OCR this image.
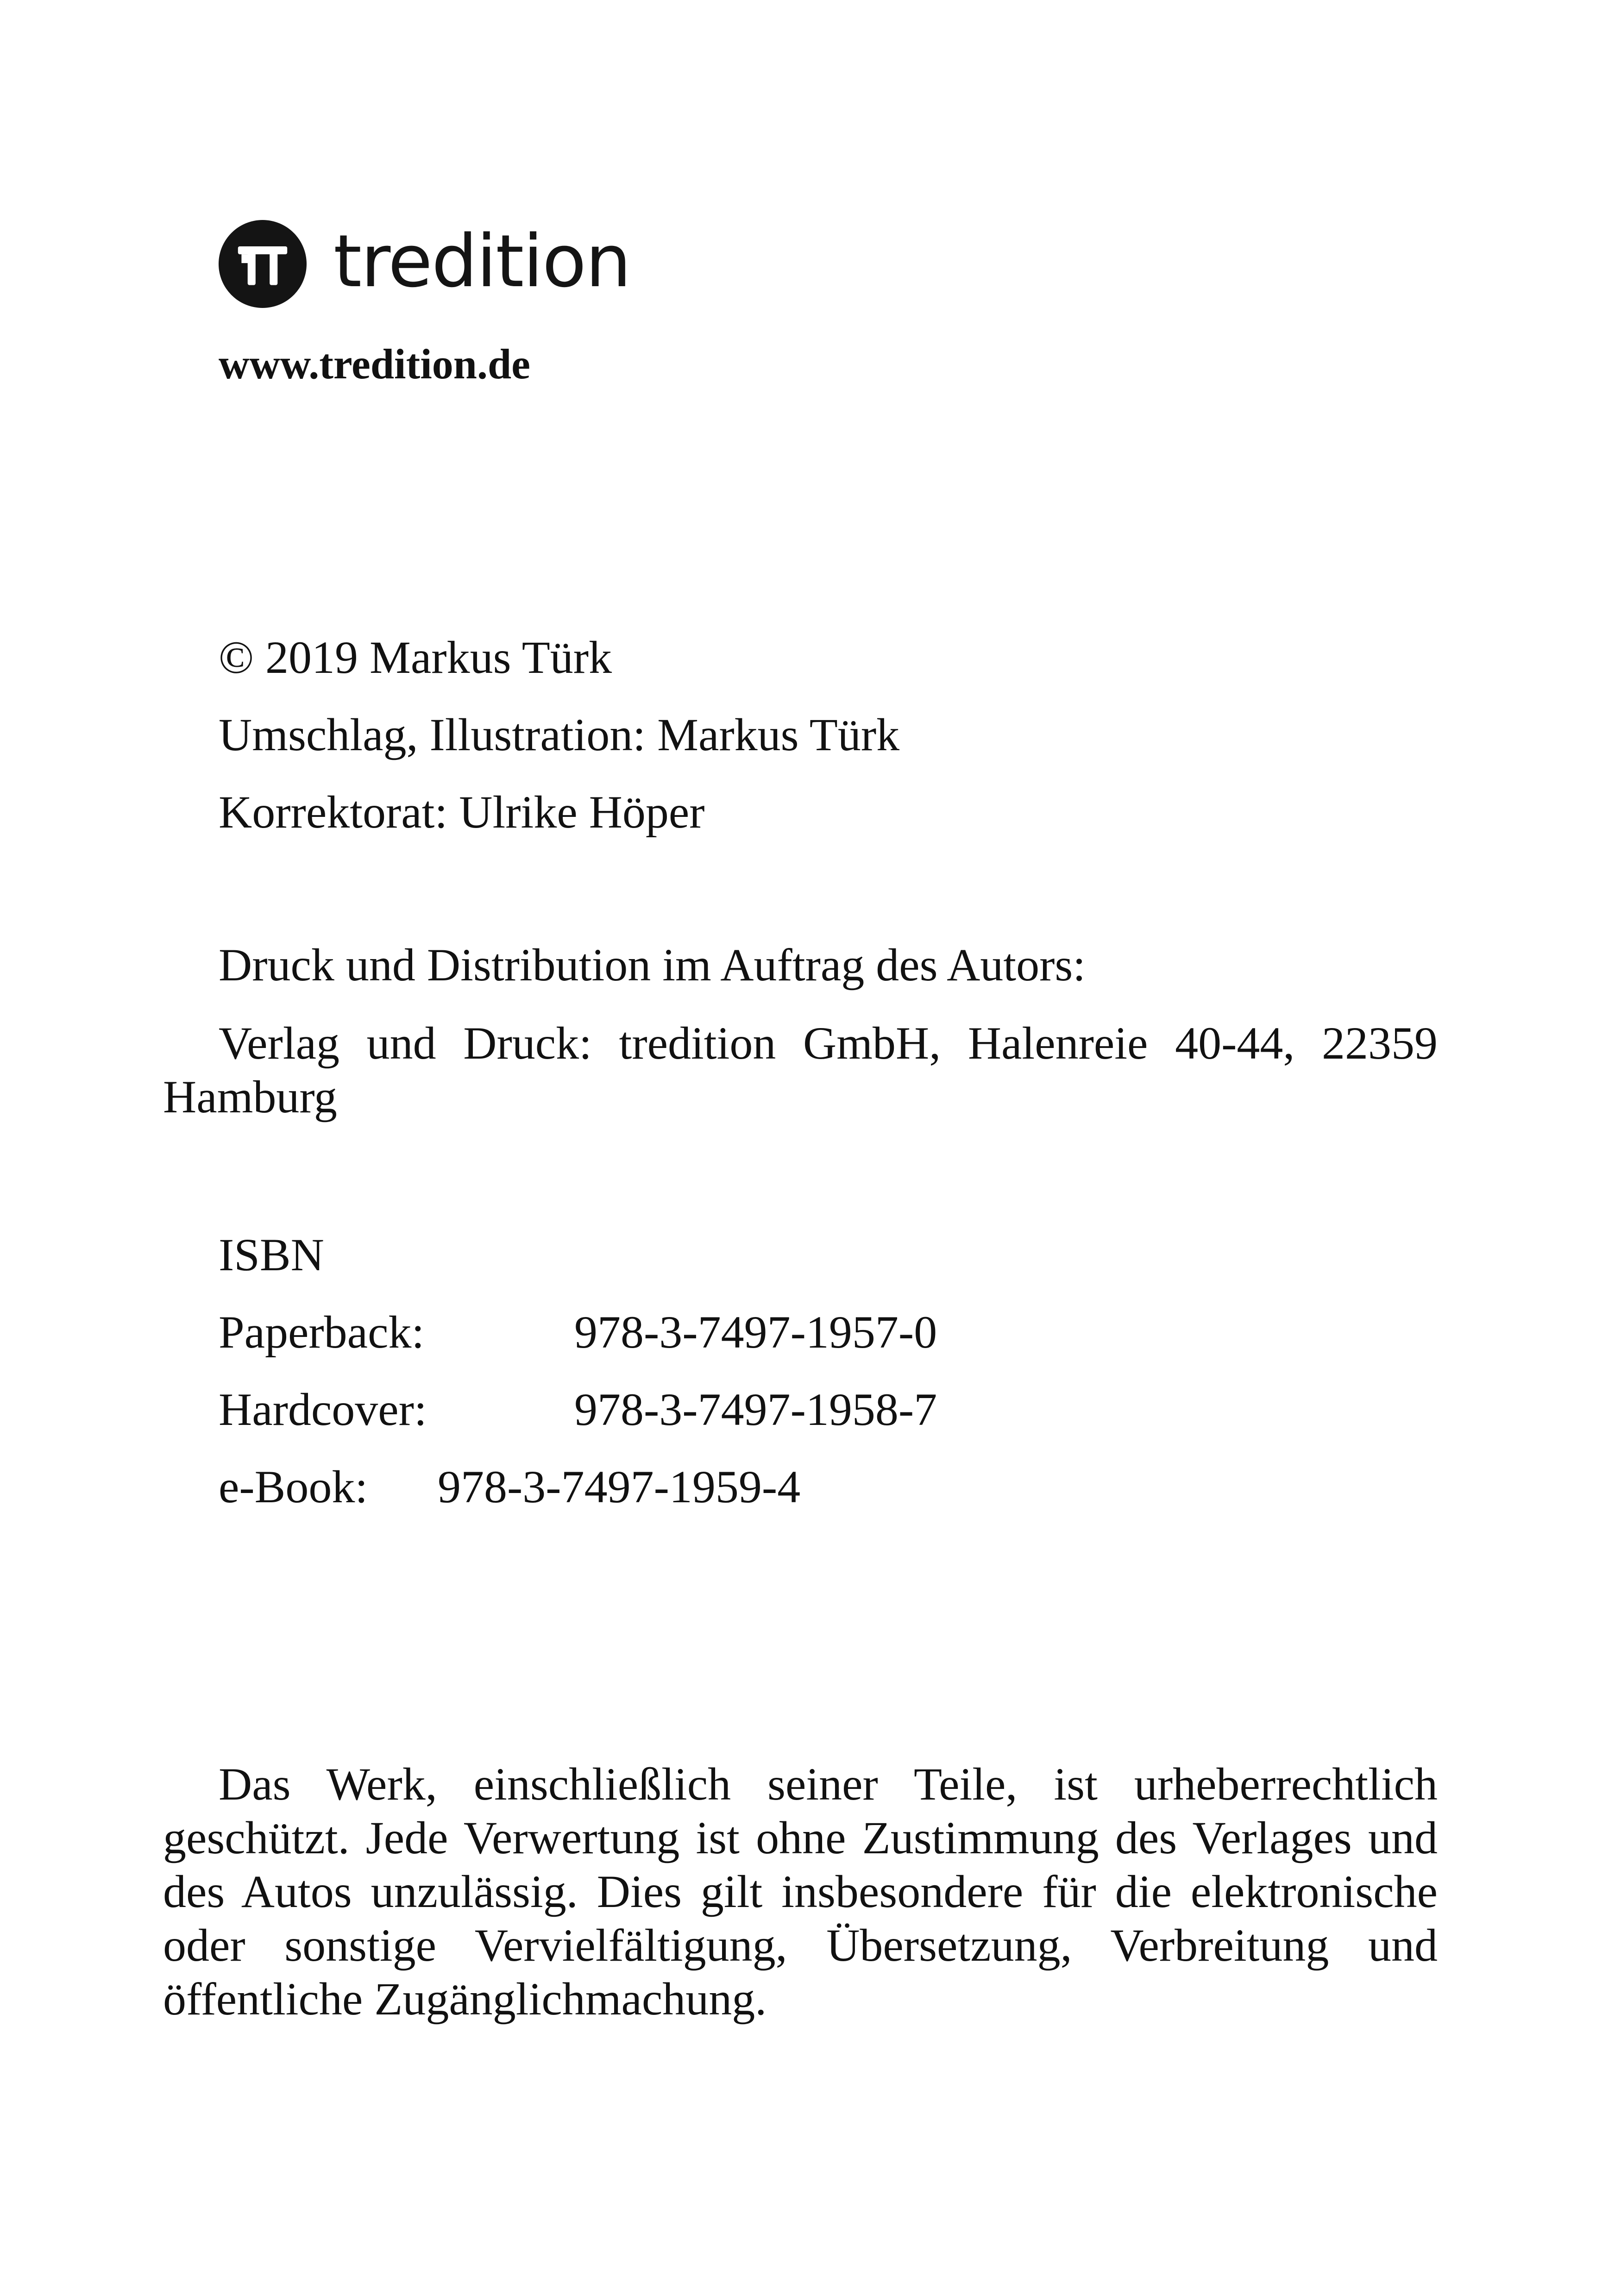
tredition
www.tredition.de
© 2019 Markus Türk
Umschlag, Illustration: Markus Türk
Korrektorat: Ulrike Höper
Druck und Distribution im Auftrag des Autors:
Verlag und Druck: tredition GmbH, Halenreie 40-44, 22359 Hamburg
ISBN
Paperback:	978-3-7497-1957-0
Hardcover:	978-3-7497-1958-7
e-Book: 978-3-7497-1959-4
Das Werk, einschließlich seiner Teile, ist urheberrechtlich geschützt. Jede Verwertung ist ohne Zustimmung des Verlages und des Autos unzulässig. Dies gilt insbesondere für die elektronische oder sonstige Vervielfältigung, Übersetzung, Verbreitung und öffentliche Zugänglichmachung.
